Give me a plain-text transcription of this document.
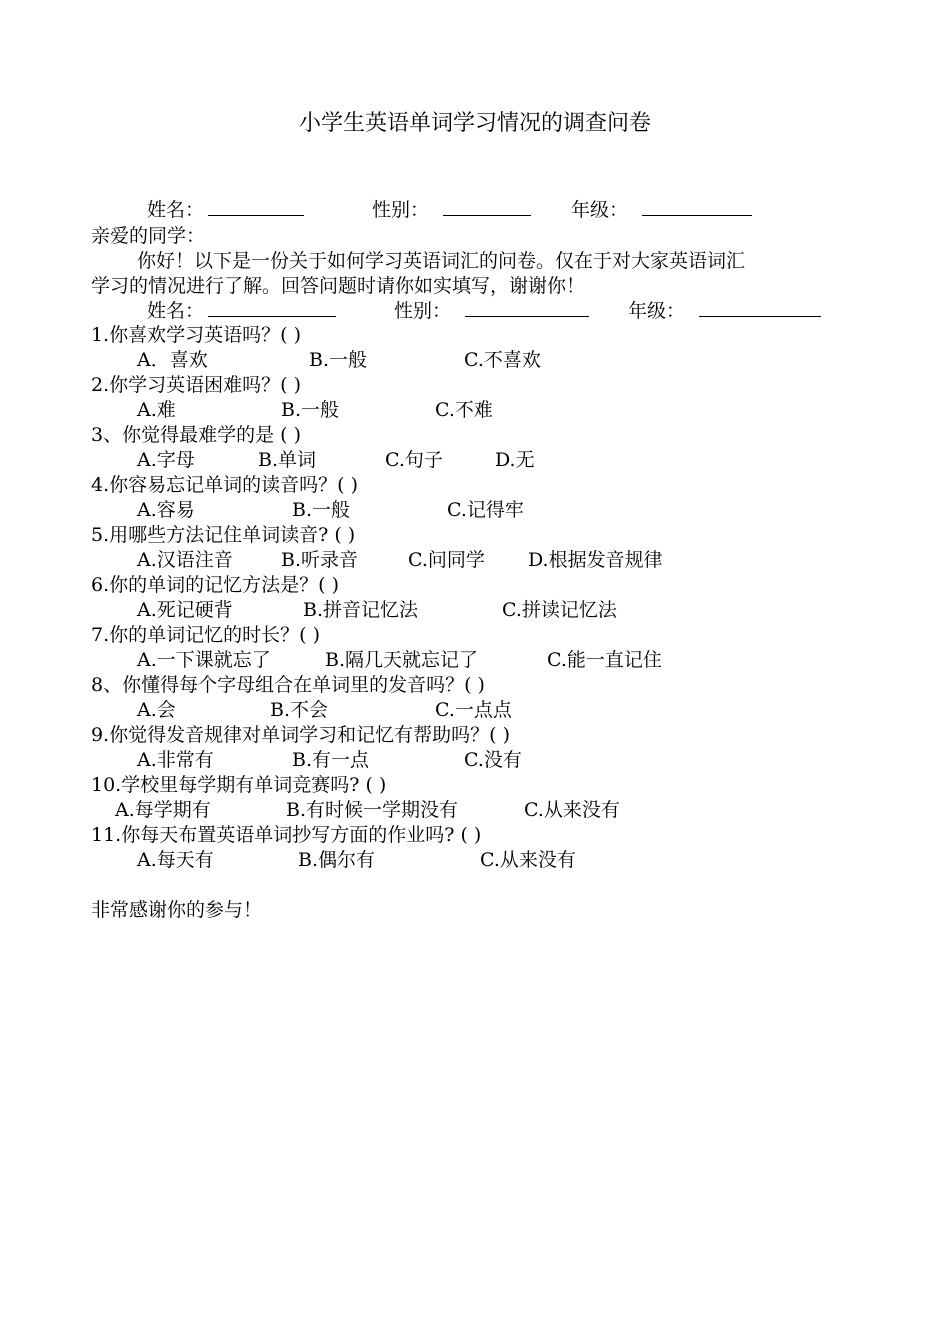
小学生英语单词学习情况的调查问卷
姓名：	性别：	年级：
亲爱的同学：
你好！以下是一份关于如何学习英语词汇的问卷。仅在于对大家英语词汇
学习的情况进行了解。回答问题时请你如实填写，谢谢你！
姓名：	性别：	年级：
1.你喜欢学习英语吗？( )
A．喜欢	B.一般	C.不喜欢
2.你学习英语困难吗？( )
A.难	B.一般	C.不难
3、你觉得最难学的是 ( )
A.字母	B.单词	C.句子	D.无
4.你容易忘记单词的读音吗？( )
A.容易	B.一般	C.记得牢
5.用哪些方法记住单词读音? ( )
A.汉语注音	B.听录音	C.问同学 D.根据发音规律
6.你的单词的记忆方法是？( )
A.死记硬背	B.拼音记忆法	C.拼读记忆法
7.你的单词记忆的时长？( )
A.一下课就忘了	B.隔几天就忘记了	C.能一直记住
8、你懂得每个字母组合在单词里的发音吗？( )
A.会	B.不会	C.一点点
9.你觉得发音规律对单词学习和记忆有帮助吗？( )
A.非常有	B.有一点	C.没有
10.学校里每学期有单词竞赛吗? ( )
A.每学期有	B.有时候一学期没有	C.从来没有
11.你每天布置英语单词抄写方面的作业吗? ( )
A.每天有	B.偶尔有	C.从来没有
非常感谢你的参与！
